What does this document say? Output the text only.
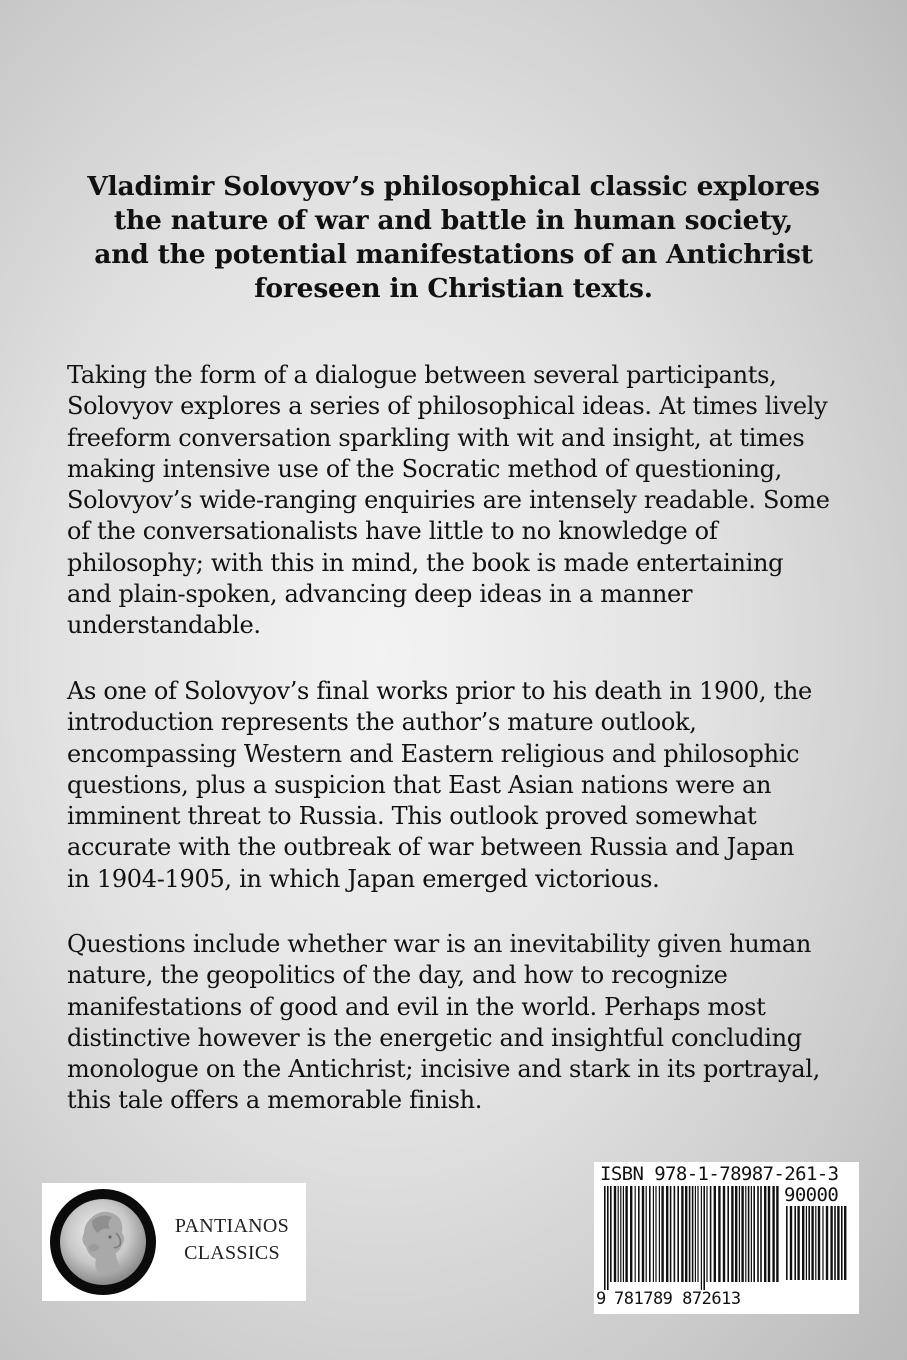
Vladimir Solovyov’s philosophical classic explores
the nature of war and battle in human society,
and the potential manifestations of an Antichrist
foreseen in Christian texts.
Taking the form of a dialogue between several participants,
Solovyov explores a series of philosophical ideas. At times lively
freeform conversation sparkling with wit and insight, at times
making intensive use of the Socratic method of questioning,
Solovyov’s wide-ranging enquiries are intensely readable. Some
of the conversationalists have little to no knowledge of
philosophy; with this in mind, the book is made entertaining
and plain-spoken, advancing deep ideas in a manner
understandable.
As one of Solovyov’s final works prior to his death in 1900, the
introduction represents the author’s mature outlook,
encompassing Western and Eastern religious and philosophic
questions, plus a suspicion that East Asian nations were an
imminent threat to Russia. This outlook proved somewhat
accurate with the outbreak of war between Russia and Japan
in 1904-1905, in which Japan emerged victorious.
Questions include whether war is an inevitability given human
nature, the geopolitics of the day, and how to recognize
manifestations of good and evil in the world. Perhaps most
distinctive however is the energetic and insightful concluding
monologue on the Antichrist; incisive and stark in its portrayal,
this tale offers a memorable finish.
PANTIANOS
CLASSICS
ISBN 978-1-78987-261-3
90000
9 781789 872613
